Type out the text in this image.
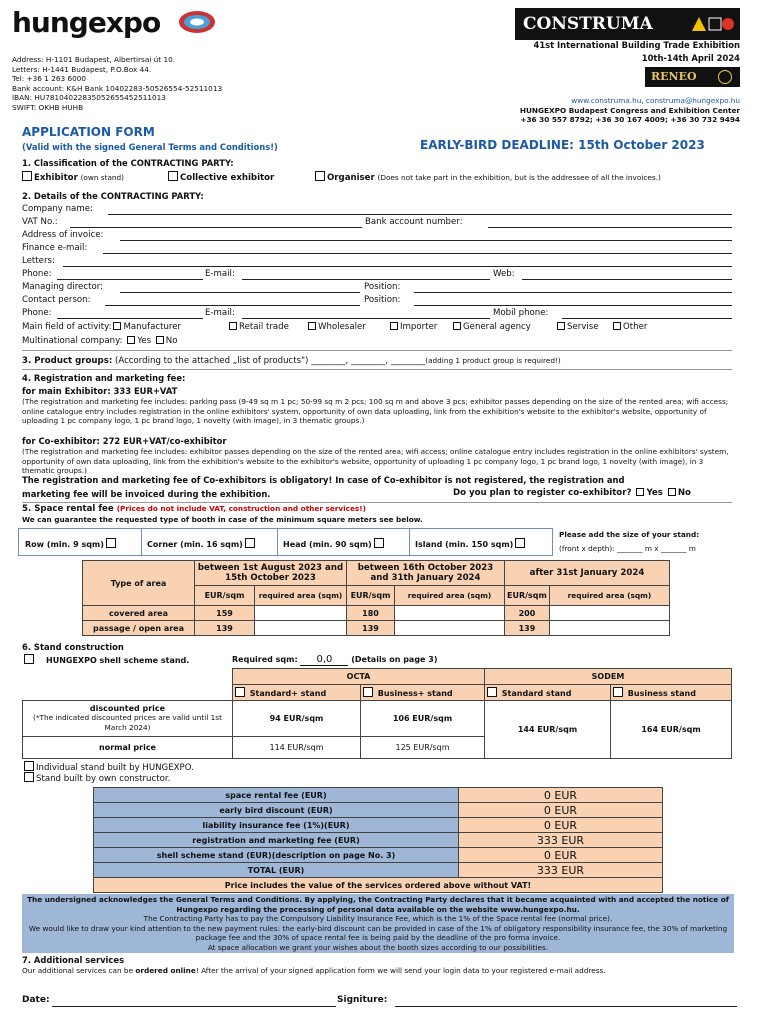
hungexpo	CONSTRUMA
41st International Building Trade Exhibition
10th-14th April 2024
RENEO
Address: H-1101 Budapest, Albertirsai út 10.
Letters: H-1441 Budapest, P.O.Box 44.
Tel: +36 1 263 6000
Bank account: K&H Bank 10402283-50526554-52511013
IBAN: HU78104022835052655452511013
SWIFT: OKHB HUHB
www.construma.hu, construma@hungexpo.hu
HUNGEXPO Budapest Congress and Exhibition Center
+36 30 557 8792; +36 30 167 4009; +36 30 732 9494
APPLICATION FORM
(Valid with the signed General Terms and Conditions!)	EARLY-BIRD DEADLINE: 15th October 2023
1. Classification of the CONTRACTING PARTY:
Exhibitor (own stand)	Collective exhibitor	Organiser (Does not take part in the exhibition, but is the addressee of all the invoices.)
2. Details of the CONTRACTING PARTY:
Company name:
VAT No.:	Bank account number:
Address of invoice:
Finance e-mail:
Letters:
Phone:	E-mail:	Web:
Managing director:	Position:
Contact person:	Position:
Phone:	E-mail:	Mobil phone:
Main field of activity: Manufacturer	Retail trade	Wholesaler	Importer	General agency	Servise	Other
Multinational company: Yes No
3. Product groups: (According to the attached „list of products") ________, ________, ________(adding 1 product group is required!)
4. Registration and marketing fee:
for main Exhibitor: 333 EUR+VAT
(The registration and marketing fee includes: parking pass (9-49 sq m 1 pc; 50-99 sq m 2 pcs; 100 sq m and above 3 pcs; exhibitor passes depending on the size of the rented area; wifi access; online catalogue entry includes registration in the online exhibitors' system, opportunity of own data uploading, link from the exhibition's website to the exhibitor's website, opportunity of uploading 1 pc company logo, 1 pc brand logo, 1 novelty (with image), in 3 thematic groups.)
for Co-exhibitor: 272 EUR+VAT/co-exhibitor
(The registration and marketing fee includes: exhibitor passes depending on the size of the rented area; wifi access; online catalogue entry includes registration in the online exhibitors' system, opportunity of own data uploading, link from the exhibition's website to the exhibitor's website, opportunity of uploading 1 pc company logo, 1 pc brand logo, 1 novelty (with image), in 3 thematic groups.)
The registration and marketing fee of Co-exhibitors is obligatory! In case of Co-exhibitor is not registered, the registration and
marketing fee will be invoiced during the exhibition.	Do you plan to register co-exhibitor? Yes No
5. Space rental fee (Prices do not include VAT, construction and other services!)
We can guarantee the requested type of booth in case of the minimum square meters see below.
Row (min. 9 sqm)	Corner (min. 16 sqm)	Head (min. 90 sqm)	Island (min. 150 sqm)
Please add the size of your stand:
(front x depth): _______ m x _______ m
Type of area	between 1st August 2023 and 15th October 2023		between 16th October 2023 and 31th January 2024		after 31st January 2024	
	EUR/sqm	required area (sqm)	EUR/sqm	required area (sqm)	EUR/sqm	required area (sqm)
covered area	159		180		200	
passage / open area	139		139		139	
6. Stand construction
HUNGEXPO shell scheme stand.	Required sqm: 0,0 (Details on page 3)
	OCTA		SODEM	
	Standard+ stand	Business+ stand	Standard stand	Business stand

discounted price
(*The indicated discounted prices are valid until 1st March 2024)	94 EUR/sqm	106 EUR/sqm	144 EUR/sqm	164 EUR/sqm
normal price	114 EUR/sqm	125 EUR/sqm		
Individual stand built by HUNGEXPO.
Stand built by own constructor.
space rental fee (EUR)	0 EUR
early bird discount (EUR)	0 EUR
liability insurance fee (1%)(EUR)	0 EUR
registration and marketing fee (EUR)	333 EUR
shell scheme stand (EUR)(description on page No. 3)	0 EUR
TOTAL (EUR)	333 EUR
Price includes the value of the services ordered above without VAT!	
The undersigned acknowledges the General Terms and Conditions. By applying, the Contracting Party declares that it became acquainted with and accepted the notice of Hungexpo regarding the processing of personal data available on the website www.hungexpo.hu.
The Contracting Party has to pay the Compulsory Liability Insurance Fee, which is the 1% of the Space rental fee (normal price).
We would like to draw your kind attention to the new payment rules: the early-bird discount can be provided in case of the 1% of obligatory responsibility insurance fee, the 30% of marketing package fee and the 30% of space rental fee is being paid by the deadline of the pro forma invoice.
At space allocation we grant your wishes about the booth sizes according to our possibilities.
7. Additional services
Our additional services can be ordered online! After the arrival of your signed application form we will send your login data to your registered e-mail address.
Date:	Signiture:
